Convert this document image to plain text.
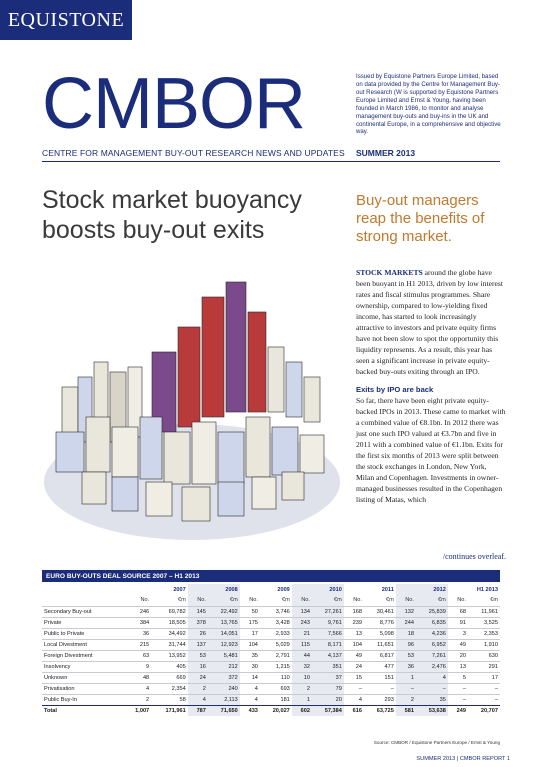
EQUISTONE
CMBOR	Issued by Equistone Partners Europe Limited, based on data provided by the Centre for Management Buy-out Research (W is supported by Equistone Partners Europe Limited and Ernst & Young, having been founded in March 1986, to monitor and analyse management buy-outs and buy-ins in the UK and continental Europe, in a comprehensive and objective way.
CENTRE FOR MANAGEMENT BUY-OUT RESEARCH NEWS AND UPDATES SUMMER 2013
Stock market buoyancy boosts buy-out exits
Buy-out managers reap the benefits of strong market.

STOCK MARKETS around the globe have been buoyant in H1 2013, driven by low interest rates and fiscal stimulus programmes. Share ownership, compared to low-yielding fixed income, has started to look increasingly attractive to investors and private equity firms have not been slow to spot the opportunity this liquidity represents. As a result, this year has seen a significant increase in private equity-backed buy-outs exiting through an IPO.

Exits by IPO are back

So far, there have been eight private equity-backed IPOs in 2013. These came to market with a combined value of €8.1bn. In 2012 there was just one such IPO valued at €3.7bn and five in 2011 with a combined value of €1.1bn. Exits for the first six months of 2013 were split between the stock exchanges in London, New York, Milan and Copenhagen. Investments in owner-managed businesses resulted in the Copenhagen listing of Matas, which

/continues overleaf.
EURO BUY-OUTS DEAL SOURCE 2007 – H1 2013
	2007		2008		2009		2010		2011		2012		H1 2013	
	No.	€m	No.	€m	No.	€m	No.	€m	No.	€m	No.	€m	No.	€m
Secondary Buy-out	246	69,782	145	22,492	50	3,746	134	27,261	168	30,461	132	25,839	68	11,961
Private	384	18,505	378	13,765	175	3,428	243	9,761	239	8,776	244	6,835	91	3,525
Public to Private	36	34,492	26	14,051	17	2,933	21	7,566	13	5,098	18	4,236	3	2,353
Local Divestment	215	31,744	137	12,923	104	5,029	115	8,171	104	11,651	96	6,952	49	1,910
Foreign Divestment	63	13,952	53	5,481	35	2,791	44	4,137	49	6,817	53	7,261	20	630
Insolvency	9	405	16	212	30	1,215	32	351	24	477	36	2,476	13	291
Unknown	48	669	24	372	14	110	10	37	15	151	1	4	5	17
Privatisation	4	2,354	2	240	4	693	2	79	–	–	–	–	–	–
Public Buy-In	2	58	4	2,113	4	181	1	20	4	293	2	35	–	–
Total	1,007	171,961	787	71,650	433	20,027	602	57,384	616	63,725	581	53,638	249	20,707
Source: CMBOR / Equistone Partners Europe / Ernst & Young
SUMMER 2013 | CMBOR REPORT 1
